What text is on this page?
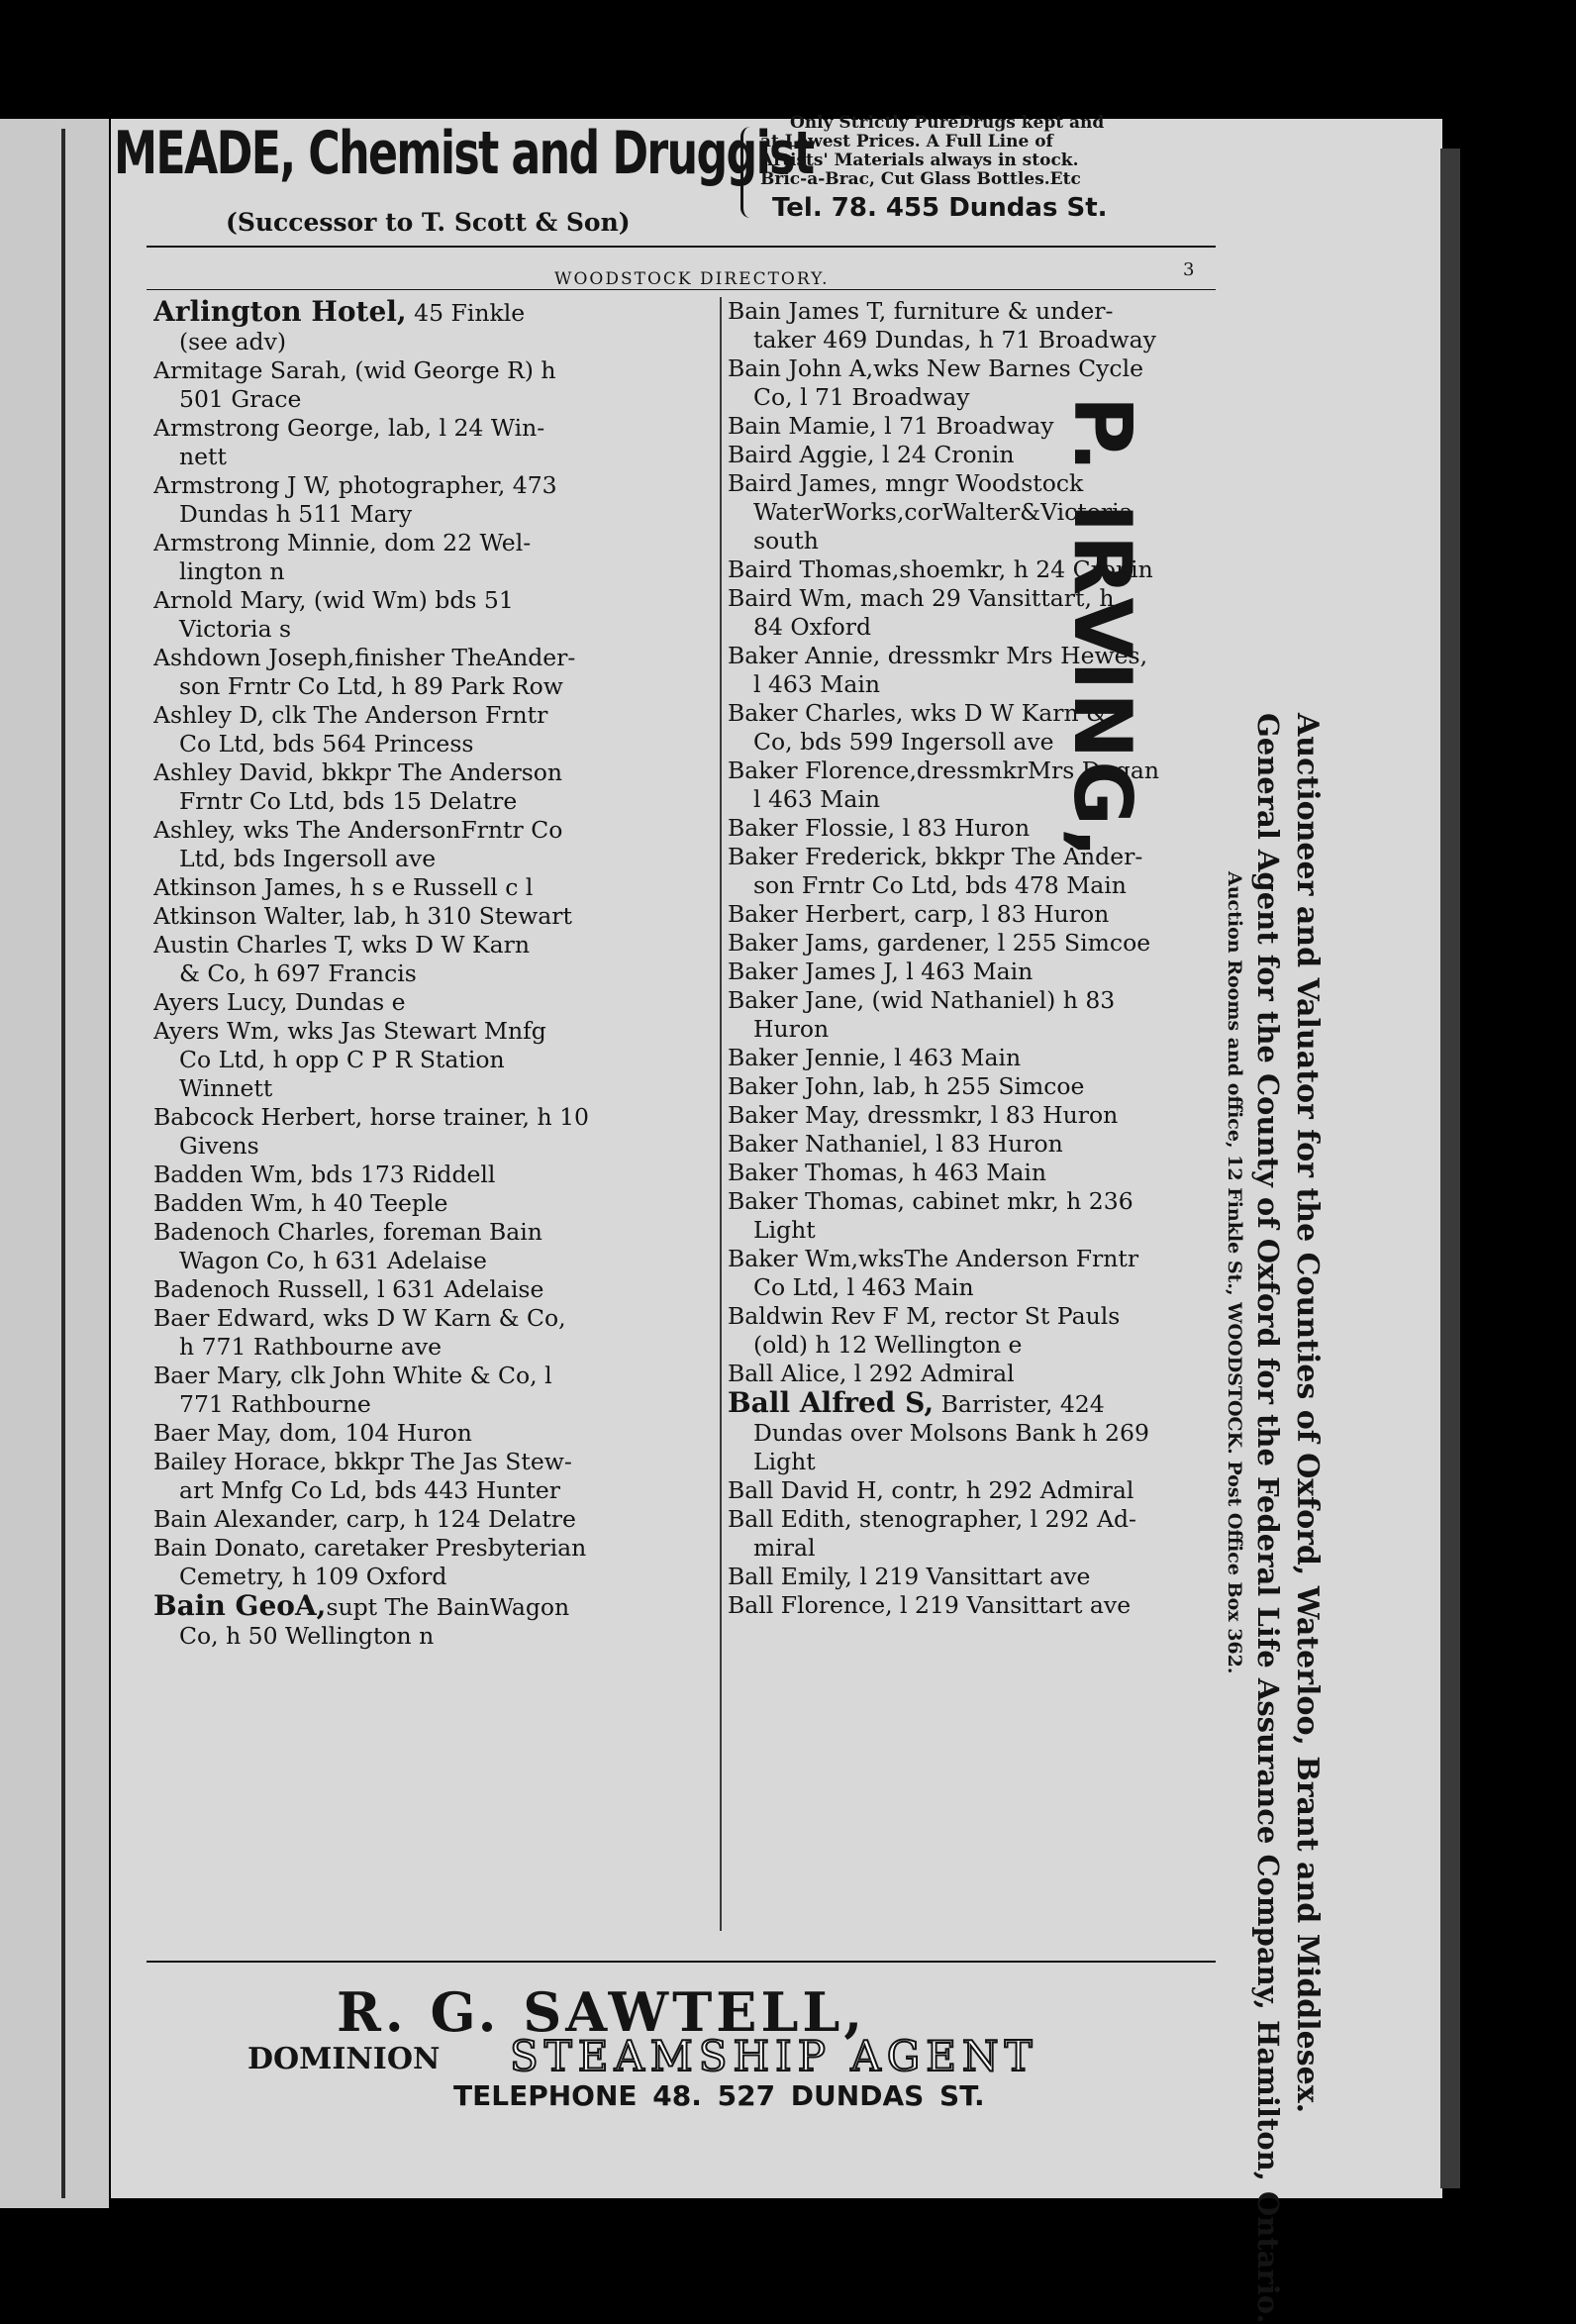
MEADE, Chemist and Druggist
(Successor to T. Scott & Son)
Only Strictly PureDrugs kept and
at Lowest Prices. A Full Line of
Artists' Materials always in stock.
Bric-a-Brac, Cut Glass Bottles.Etc
Tel. 78. 455 Dundas St.
WOODSTOCK DIRECTORY.	3

Arlington Hotel, 45 Finkle

(see adv)

Armitage Sarah, (wid George R) h

501 Grace

Armstrong George, lab, l 24 Win-

nett

Armstrong J W, photographer, 473

Dundas h 511 Mary

Armstrong Minnie, dom 22 Wel-

lington n

Arnold Mary, (wid Wm) bds 51

Victoria s

Ashdown Joseph,finisher TheAnder-

son Frntr Co Ltd, h 89 Park Row

Ashley D, clk The Anderson Frntr

Co Ltd, bds 564 Princess

Ashley David, bkkpr The Anderson

Frntr Co Ltd, bds 15 Delatre

Ashley, wks The AndersonFrntr Co

Ltd, bds Ingersoll ave

Atkinson James, h s e Russell c l

Atkinson Walter, lab, h 310 Stewart

Austin Charles T, wks D W Karn

& Co, h 697 Francis

Ayers Lucy, Dundas e

Ayers Wm, wks Jas Stewart Mnfg

Co Ltd, h opp C P R Station

Winnett

Babcock Herbert, horse trainer, h 10

Givens

Badden Wm, bds 173 Riddell

Badden Wm, h 40 Teeple

Badenoch Charles, foreman Bain

Wagon Co, h 631 Adelaise

Badenoch Russell, l 631 Adelaise

Baer Edward, wks D W Karn & Co,

h 771 Rathbourne ave

Baer Mary, clk John White & Co, l

771 Rathbourne

Baer May, dom, 104 Huron

Bailey Horace, bkkpr The Jas Stew-

art Mnfg Co Ld, bds 443 Hunter

Bain Alexander, carp, h 124 Delatre

Bain Donato, caretaker Presbyterian

Cemetry, h 109 Oxford

Bain GeoA,supt The BainWagon

Co, h 50 Wellington n

Bain James T, furniture & under-

taker 469 Dundas, h 71 Broadway

Bain John A,wks New Barnes Cycle

Co, l 71 Broadway

Bain Mamie, l 71 Broadway

Baird Aggie, l 24 Cronin

Baird James, mngr Woodstock

WaterWorks,corWalter&Victoria

south

Baird Thomas,shoemkr, h 24 Cronin

Baird Wm, mach 29 Vansittart, h

84 Oxford

Baker Annie, dressmkr Mrs Hewes,

l 463 Main

Baker Charles, wks D W Karn &

Co, bds 599 Ingersoll ave

Baker Florence,dressmkrMrs Dugan

l 463 Main

Baker Flossie, l 83 Huron

Baker Frederick, bkkpr The Ander-

son Frntr Co Ltd, bds 478 Main

Baker Herbert, carp, l 83 Huron

Baker Jams, gardener, l 255 Simcoe

Baker James J, l 463 Main

Baker Jane, (wid Nathaniel) h 83

Huron

Baker Jennie, l 463 Main

Baker John, lab, h 255 Simcoe

Baker May, dressmkr, l 83 Huron

Baker Nathaniel, l 83 Huron

Baker Thomas, h 463 Main

Baker Thomas, cabinet mkr, h 236

Light

Baker Wm,wksThe Anderson Frntr

Co Ltd, l 463 Main

Baldwin Rev F M, rector St Pauls

(old) h 12 Wellington e

Ball Alice, l 292 Admiral

Ball Alfred S, Barrister, 424

Dundas over Molsons Bank h 269

Light

Ball David H, contr, h 292 Admiral

Ball Edith, stenographer, l 292 Ad-

miral

Ball Emily, l 219 Vansittart ave

Ball Florence, l 219 Vansittart ave

P. IRVING,
Auctioneer and Valuator for the Counties of Oxford, Waterloo, Brant and Middlesex.
General Agent for the County of Oxford for the Federal Life Assurance Company, Hamilton, Ontario.
Auction Rooms and office, 12 Finkle St., WOODSTOCK. Post Office Box 362.
R. G. SAWTELL,
DOMINION STEAMSHIP AGENT
TELEPHONE 48. 527 DUNDAS ST.
